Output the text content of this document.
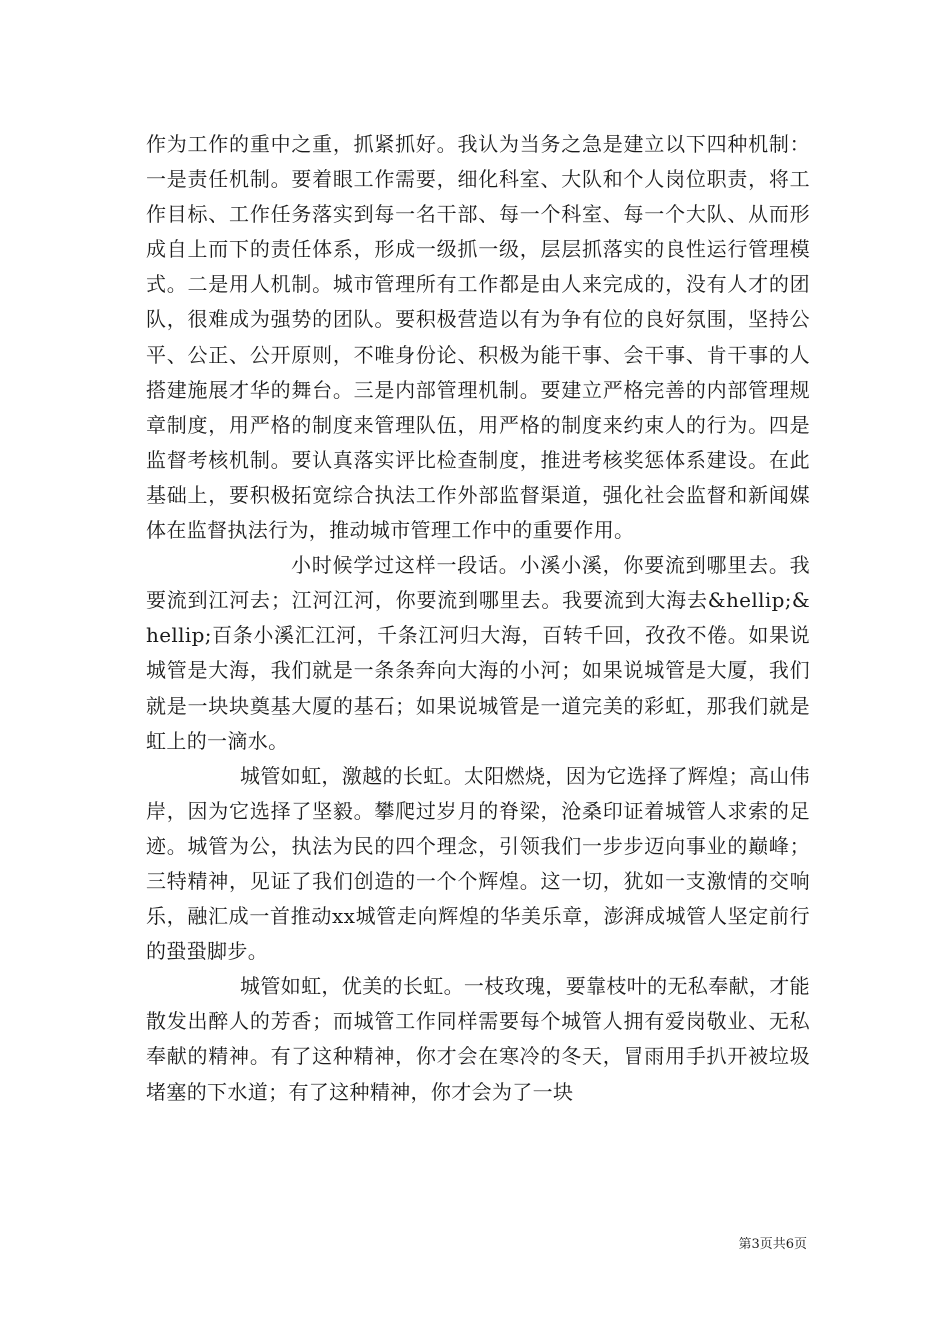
作为工作的重中之重，抓紧抓好。我认为当务之急是建立以下四种机制：一是责任机制。要着眼工作需要，细化科室、大队和个人岗位职责，将工作目标、工作任务落实到每一名干部、每一个科室、每一个大队、从而形成自上而下的责任体系，形成一级抓一级，层层抓落实的良性运行管理模式。二是用人机制。城市管理所有工作都是由人来完成的，没有人才的团队，很难成为强势的团队。要积极营造以有为争有位的良好氛围，坚持公平、公正、公开原则，不唯身份论、积极为能干事、会干事、肯干事的人搭建施展才华的舞台。三是内部管理机制。要建立严格完善的内部管理规章制度，用严格的制度来管理队伍，用严格的制度来约束人的行为。四是监督考核机制。要认真落实评比检查制度，推进考核奖惩体系建设。在此基础上，要积极拓宽综合执法工作外部监督渠道，强化社会监督和新闻媒体在监督执法行为，推动城市管理工作中的重要作用。

小时候学过这样一段话。小溪小溪，你要流到哪里去。我要流到江河去；江河江河，你要流到哪里去。我要流到大海去&hellip;&hellip;百条小溪汇江河，千条江河归大海，百转千回，孜孜不倦。如果说城管是大海，我们就是一条条奔向大海的小河；如果说城管是大厦，我们就是一块块奠基大厦的基石；如果说城管是一道完美的彩虹，那我们就是虹上的一滴水。

城管如虹，激越的长虹。太阳燃烧，因为它选择了辉煌；高山伟岸，因为它选择了坚毅。攀爬过岁月的脊梁，沧桑印证着城管人求索的足迹。城管为公，执法为民的四个理念，引领我们一步步迈向事业的巅峰；三特精神，见证了我们创造的一个个辉煌。这一切，犹如一支激情的交响乐，融汇成一首推动xx城管走向辉煌的华美乐章，澎湃成城管人坚定前行的蛩蛩脚步。

城管如虹，优美的长虹。一枝玫瑰，要靠枝叶的无私奉献，才能散发出醉人的芳香；而城管工作同样需要每个城管人拥有爱岗敬业、无私奉献的精神。有了这种精神，你才会在寒冷的冬天，冒雨用手扒开被垃圾堵塞的下水道；有了这种精神，你才会为了一块

第3页共6页
